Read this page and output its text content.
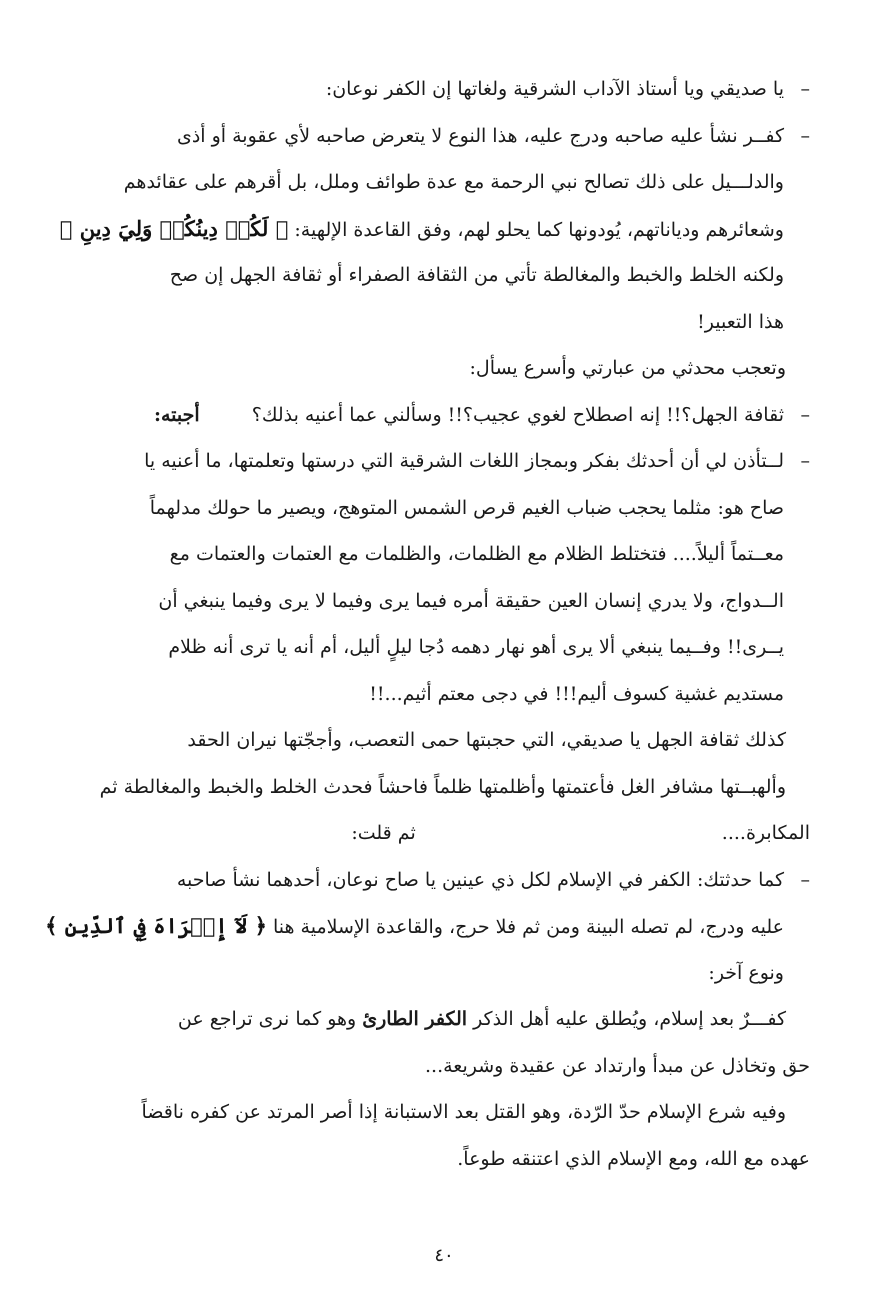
–
يا صديقي ويا أستاذ الآداب الشرقية ولغاتها إن الكفر نوعان:
–
كفــر نشأ عليه صاحبه ودرج عليه، هذا النوع لا يتعرض صاحبه لأي عقوبة أو أذى
والدلـــيل على ذلك تصالح نبي الرحمة مع عدة طوائف وملل، بل أقرهم على عقائدهم
وشعائرهم ودياناتهم، يُودونها كما يحلو لهم، وفق القاعدة الإلهية: ﴿ لَكُمۡ دِينُكُمۡ وَلِيَ دِينِ ﴾
ولكنه الخلط والخبط والمغالطة تأتي من الثقافة الصفراء أو ثقافة الجهل إن صح
هذا التعبير!
وتعجب محدثي من عبارتي وأسرع يسأل:
–
ثقافة الجهل؟!! إنه اصطلاح لغوي عجيب؟!! وسألني عما أعنيه بذلك؟ أجبته:
–
لــتأذن لي أن أحدثك بفكر وبمجاز اللغات الشرقية التي درستها وتعلمتها، ما أعنيه يا
صاح هو: مثلما يحجب ضباب الغيم قرص الشمس المتوهج، ويصير ما حولك مدلهماً
معــتماً أليلاً.... فتختلط الظلام مع الظلمات، والظلمات مع العتمات والعتمات مع
الــدواج، ولا يدري إنسان العين حقيقة أمره فيما يرى وفيما لا يرى وفيما ينبغي أن
يــرى!! وفــيما ينبغي ألا يرى أهو نهار دهمه دُجا ليلٍ أليل، أم أنه يا ترى أنه ظلام
مستديم غشية كسوف أليم!!! في دجى معتم أثيم...!!
كذلك ثقافة الجهل يا صديقي، التي حجبتها حمى التعصب، وأججّتها نيران الحقد
وألهبــتها مشافر الغل فأعتمتها وأظلمتها ظلماً فاحشاً فحدث الخلط والخبط والمغالطة ثم
المكابرة.... ثم قلت:
–
كما حدثتك: الكفر في الإسلام لكل ذي عينين يا صاح نوعان، أحدهما نشأ صاحبه
عليه ودرج، لم تصله البينة ومن ثم فلا حرج، والقاعدة الإسلامية هنا ﴿ لَآ إِكۡرَاهَ فِي ٱلدِّينِ ﴾
ونوع آخر:
كفـــرٌ بعد إسلام، ويُطلق عليه أهل الذكر الكفر الطارئ وهو كما نرى تراجع عن
حق وتخاذل عن مبدأ وارتداد عن عقيدة وشريعة...
وفيه شرع الإسلام حدّ الرّدة، وهو القتل بعد الاستبانة إذا أصر المرتد عن كفره ناقضاً
عهده مع الله، ومع الإسلام الذي اعتنقه طوعاً.
٤٠
